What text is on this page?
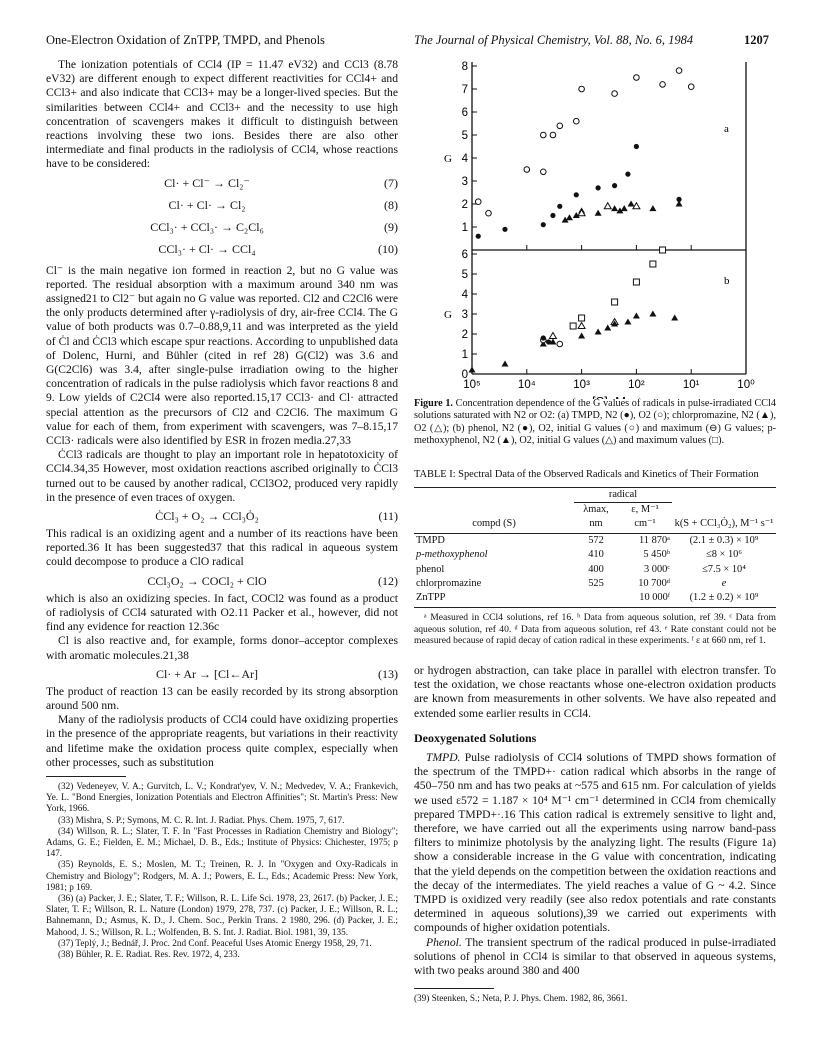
One-Electron Oxidation of ZnTPP, TMPD, and Phenols	The Journal of Physical Chemistry, Vol. 88, No. 6, 1984	1207

The ionization potentials of CCl4 (IP = 11.47 eV32) and CCl3 (8.78 eV32) are different enough to expect different reactivities for CCl4+ and CCl3+ and also indicate that CCl3+ may be a longer-lived species. But the similarities between CCl4+ and CCl3+ and the necessity to use high concentration of scavengers makes it difficult to distinguish between reactions involving these two ions. Besides there are also other intermediate and final products in the radiolysis of CCl4, whose reactions have to be considered:

Cl· + Cl⁻ → Cl₂⁻	(7)
Cl· + Cl· → Cl₂	(8)
CCl₃· + CCl₃· → C₂Cl₆	(9)
CCl₃· + Cl· → CCl₄	(10)

Cl⁻ is the main negative ion formed in reaction 2, but no G value was reported. The residual absorption with a maximum around 340 nm was assigned21 to Cl2⁻ but again no G value was reported. Cl2 and C2Cl6 were the only products determined after γ-radiolysis of dry, air-free CCl4. The G value of both products was 0.7–0.88,9,11 and was interpreted as the yield of Ċl and ĊCl3 which escape spur reactions. According to unpublished data of Dolenc, Hurni, and Bühler (cited in ref 28) G(Cl2) was 3.6 and G(C2Cl6) was 3.4, after single-pulse irradiation owing to the higher concentration of radicals in the pulse radiolysis which favor reactions 8 and 9. Low yields of C2Cl4 were also reported.15,17 CCl3· and Cl· attracted special attention as the precursors of Cl2 and C2Cl6. The maximum G value for each of them, from experiment with scavengers, was 7–8.15,17 CCl3· radicals were also identified by ESR in frozen media.27,33

ĊCl3 radicals are thought to play an important role in hepatotoxicity of CCl4.34,35 However, most oxidation reactions ascribed originally to ĊCl3 turned out to be caused by another radical, CCl3O2, produced very rapidly in the presence of even traces of oxygen.

ĊCl₃ + O₂ → CCl₃Ȯ₂	(11)

This radical is an oxidizing agent and a number of its reactions have been reported.36 It has been suggested37 that this radical in aqueous system could decompose to produce a ClO radical

CCl₃O₂ → COCl₂ + ClO	(12)

which is also an oxidizing species. In fact, COCl2 was found as a product of radiolysis of CCl4 saturated with O2.11 Packer et al., however, did not find any evidence for reaction 12.36c

Cl is also reactive and, for example, forms donor–acceptor complexes with aromatic molecules.21,38

Cl· + Ar → [Cl←Ar]	(13)

The product of reaction 13 can be easily recorded by its strong absorption around 500 nm.

Many of the radiolysis products of CCl4 could have oxidizing properties in the presence of the appropriate reagents, but variations in their reactivity and lifetime make the oxidation process quite complex, especially when other processes, such as substitution

(32) Vedeneyev, V. A.; Gurvitch, L. V.; Kondrat'yev, V. N.; Medvedev, V. A.; Frankevich, Ye. L. "Bond Energies, Ionization Potentials and Electron Affinities"; St. Martin's Press: New York, 1966.
(33) Mishra, S. P.; Symons, M. C. R. Int. J. Radiat. Phys. Chem. 1975, 7, 617.
(34) Willson, R. L.; Slater, T. F. In "Fast Processes in Radiation Chemistry and Biology"; Adams, G. E.; Fielden, E. M.; Michael, D. B., Eds.; Institute of Physics: Chichester, 1975; p 147.
(35) Reynolds, E. S.; Moslen, M. T.; Treinen, R. J. In "Oxygen and Oxy-Radicals in Chemistry and Biology"; Rodgers, M. A. J.; Powers, E. L., Eds.; Academic Press: New York, 1981; p 169.
(36) (a) Packer, J. E.; Slater, T. F.; Willson, R. L. Life Sci. 1978, 23, 2617. (b) Packer, J. E.; Slater, T. F.; Willson, R. L. Nature (London) 1979, 278, 737. (c) Packer, J. E.; Willson, R. L.; Bahnemann, D.; Asmus, K. D., J. Chem. Soc., Perkin Trans. 2 1980, 296. (d) Packer, J. E.; Mahood, J. S.; Willson, R. L.; Wolfenden, B. S. Int. J. Radiat. Biol. 1981, 39, 135.
(37) Teplý, J.; Bednář, J. Proc. 2nd Conf. Peaceful Uses Atomic Energy 1958, 29, 71.
(38) Bühler, R. E. Radiat. Res. Rev. 1972, 4, 233.
1
2
3
4
5
6
7
8
a
G
0
1
2
3
4
5
6
b
G
10⁵	10⁴	10³	10²	10¹	10⁰
Figure 1. Concentration dependence of the G values of radicals in pulse-irradiated CCl4 solutions saturated with N2 or O2: (a) TMPD, N2 (●), O2 (○); chlorpromazine, N2 (▲), O2 (△); (b) phenol, N2 (●), O2, initial G values (○) and maximum (⊖) G values; p-methoxyphenol, N2 (▲), O2, initial G values (△) and maximum values (□).
TABLE I: Spectral Data of the Observed Radicals and Kinetics of Their Formation

	radical		
compd (S)	λmax, nm	ε, M⁻¹ cm⁻¹	k(S + CCl₃Ȯ₂), M⁻¹ s⁻¹

TMPD	572	11 870ᵃ	(2.1 ± 0.3) × 10⁹
p-methoxyphenol	410	5 450ᵇ	≤8 × 10⁶
phenol	400	3 000ᶜ	≤7.5 × 10⁴
chlorpromazine	525	10 700ᵈ	e
ZnTPP		10 000ᶠ	(1.2 ± 0.2) × 10⁹

ᵃ Measured in CCl4 solutions, ref 16. ᵇ Data from aqueous solution, ref 39. ᶜ Data from aqueous solution, ref 40. ᵈ Data from aqueous solution, ref 43. ᵉ Rate constant could not be measured because of rapid decay of cation radical in these experiments. ᶠ ε at 660 nm, ref 1.

or hydrogen abstraction, can take place in parallel with electron transfer. To test the oxidation, we chose reactants whose one-electron oxidation products are known from measurements in other solvents. We have also repeated and extended some earlier results in CCl4.

Deoxygenated Solutions

TMPD. Pulse radiolysis of CCl4 solutions of TMPD shows formation of the spectrum of the TMPD+· cation radical which absorbs in the range of 450–750 nm and has two peaks at ~575 and 615 nm. For calculation of yields we used ε572 = 1.187 × 10⁴ M⁻¹ cm⁻¹ determined in CCl4 from chemically prepared TMPD+·.16 This cation radical is extremely sensitive to light and, therefore, we have carried out all the experiments using narrow band-pass filters to minimize photolysis by the analyzing light. The results (Figure 1a) show a considerable increase in the G value with concentration, indicating that the yield depends on the competition between the oxidation reactions and the decay of the intermediates. The yield reaches a value of G ~ 4.2. Since TMPD is oxidized very readily (see also redox potentials and rate constants determined in aqueous solutions),39 we carried out experiments with compounds of higher oxidation potentials.

Phenol. The transient spectrum of the radical produced in pulse-irradiated solutions of phenol in CCl4 is similar to that observed in aqueous systems, with two peaks around 380 and 400

(39) Steenken, S.; Neta, P. J. Phys. Chem. 1982, 86, 3661.
